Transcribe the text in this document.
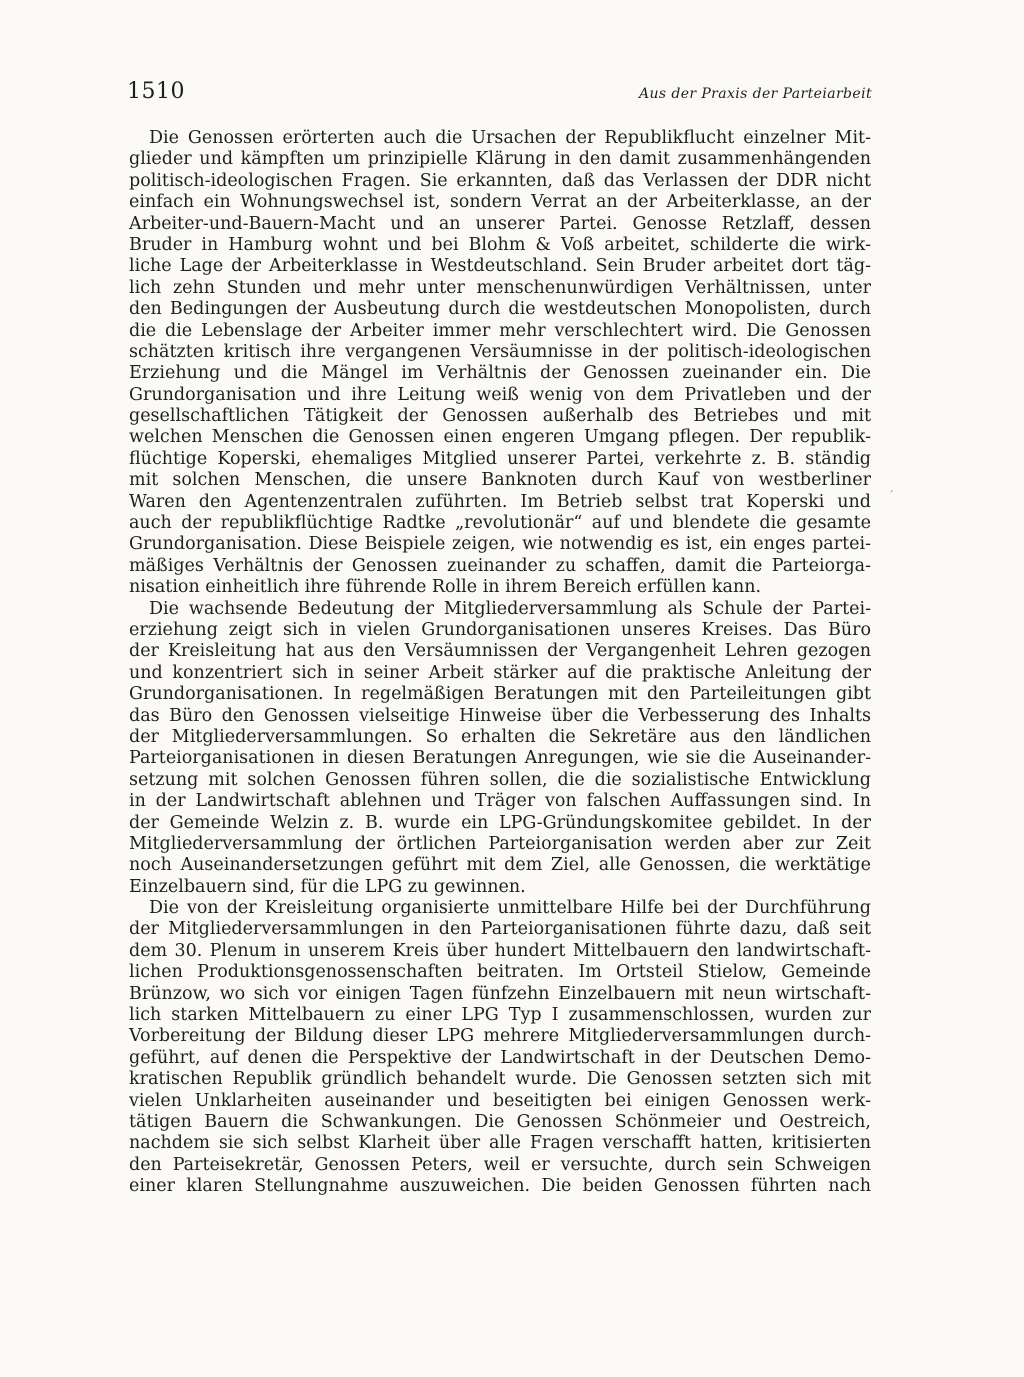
1510	Aus der Praxis der Parteiarbeit
Die Genossen erörterten auch die Ursachen der Republikflucht einzelner Mit-
glieder und kämpften um prinzipielle Klärung in den damit zusammenhängenden
politisch-ideologischen Fragen. Sie erkannten, daß das Verlassen der DDR nicht
einfach ein Wohnungswechsel ist, sondern Verrat an der Arbeiterklasse, an der
Arbeiter-und-Bauern-Macht und an unserer Partei. Genosse Retzlaff, dessen
Bruder in Hamburg wohnt und bei Blohm & Voß arbeitet, schilderte die wirk-
liche Lage der Arbeiterklasse in Westdeutschland. Sein Bruder arbeitet dort täg-
lich zehn Stunden und mehr unter menschenunwürdigen Verhältnissen, unter
den Bedingungen der Ausbeutung durch die westdeutschen Monopolisten, durch
die die Lebenslage der Arbeiter immer mehr verschlechtert wird. Die Genossen
schätzten kritisch ihre vergangenen Versäumnisse in der politisch-ideologischen
Erziehung und die Mängel im Verhältnis der Genossen zueinander ein. Die
Grundorganisation und ihre Leitung weiß wenig von dem Privatleben und der
gesellschaftlichen Tätigkeit der Genossen außerhalb des Betriebes und mit
welchen Menschen die Genossen einen engeren Umgang pflegen. Der republik-
flüchtige Koperski, ehemaliges Mitglied unserer Partei, verkehrte z. B. ständig
mit solchen Menschen, die unsere Banknoten durch Kauf von westberliner
Waren den Agentenzentralen zuführten. Im Betrieb selbst trat Koperski und
auch der republikflüchtige Radtke „revolutionär“ auf und blendete die gesamte
Grundorganisation. Diese Beispiele zeigen, wie notwendig es ist, ein enges partei-
mäßiges Verhältnis der Genossen zueinander zu schaffen, damit die Parteiorga-
nisation einheitlich ihre führende Rolle in ihrem Bereich erfüllen kann.
Die wachsende Bedeutung der Mitgliederversammlung als Schule der Partei-
erziehung zeigt sich in vielen Grundorganisationen unseres Kreises. Das Büro
der Kreisleitung hat aus den Versäumnissen der Vergangenheit Lehren gezogen
und konzentriert sich in seiner Arbeit stärker auf die praktische Anleitung der
Grundorganisationen. In regelmäßigen Beratungen mit den Parteileitungen gibt
das Büro den Genossen vielseitige Hinweise über die Verbesserung des Inhalts
der Mitgliederversammlungen. So erhalten die Sekretäre aus den ländlichen
Parteiorganisationen in diesen Beratungen Anregungen, wie sie die Auseinander-
setzung mit solchen Genossen führen sollen, die die sozialistische Entwicklung
in der Landwirtschaft ablehnen und Träger von falschen Auffassungen sind. In
der Gemeinde Welzin z. B. wurde ein LPG-Gründungskomitee gebildet. In der
Mitgliederversammlung der örtlichen Parteiorganisation werden aber zur Zeit
noch Auseinandersetzungen geführt mit dem Ziel, alle Genossen, die werktätige
Einzelbauern sind, für die LPG zu gewinnen.
Die von der Kreisleitung organisierte unmittelbare Hilfe bei der Durchführung
der Mitgliederversammlungen in den Parteiorganisationen führte dazu, daß seit
dem 30. Plenum in unserem Kreis über hundert Mittelbauern den landwirtschaft-
lichen Produktionsgenossenschaften beitraten. Im Ortsteil Stielow, Gemeinde
Brünzow, wo sich vor einigen Tagen fünfzehn Einzelbauern mit neun wirtschaft-
lich starken Mittelbauern zu einer LPG Typ I zusammenschlossen, wurden zur
Vorbereitung der Bildung dieser LPG mehrere Mitgliederversammlungen durch-
geführt, auf denen die Perspektive der Landwirtschaft in der Deutschen Demo-
kratischen Republik gründlich behandelt wurde. Die Genossen setzten sich mit
vielen Unklarheiten auseinander und beseitigten bei einigen Genossen werk-
tätigen Bauern die Schwankungen. Die Genossen Schönmeier und Oestreich,
nachdem sie sich selbst Klarheit über alle Fragen verschafft hatten, kritisierten
den Parteisekretär, Genossen Peters, weil er versuchte, durch sein Schweigen
einer klaren Stellungnahme auszuweichen. Die beiden Genossen führten nach
ˊ
